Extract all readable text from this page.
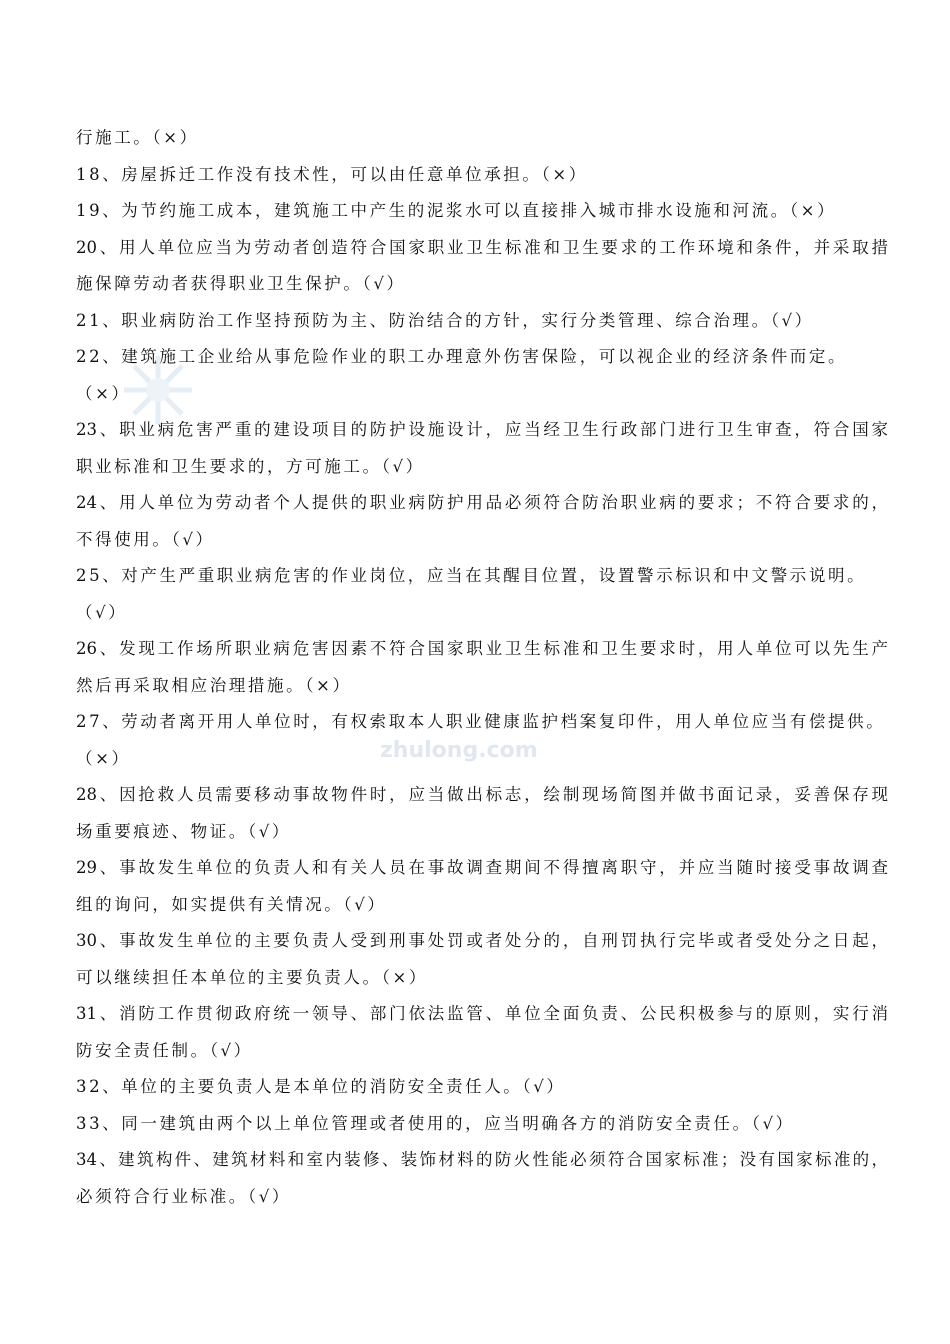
zhulong.com
行施工。（×）
18、房屋拆迁工作没有技术性，可以由任意单位承担。（×）
19、为节约施工成本，建筑施工中产生的泥浆水可以直接排入城市排水设施和河流。（×）
20、用人单位应当为劳动者创造符合国家职业卫生标准和卫生要求的工作环境和条件，并采取措
施保障劳动者获得职业卫生保护。（√）
21、职业病防治工作坚持预防为主、防治结合的方针，实行分类管理、综合治理。（√）
22、建筑施工企业给从事危险作业的职工办理意外伤害保险，可以视企业的经济条件而定。
（×）
23、职业病危害严重的建设项目的防护设施设计，应当经卫生行政部门进行卫生审查，符合国家
职业标准和卫生要求的，方可施工。（√）
24、用人单位为劳动者个人提供的职业病防护用品必须符合防治职业病的要求；不符合要求的，
不得使用。（√）
25、对产生严重职业病危害的作业岗位，应当在其醒目位置，设置警示标识和中文警示说明。
（√）
26、发现工作场所职业病危害因素不符合国家职业卫生标准和卫生要求时，用人单位可以先生产
然后再采取相应治理措施。（×）
27、劳动者离开用人单位时，有权索取本人职业健康监护档案复印件，用人单位应当有偿提供。
（×）
28、因抢救人员需要移动事故物件时，应当做出标志，绘制现场简图并做书面记录，妥善保存现
场重要痕迹、物证。（√）
29、事故发生单位的负责人和有关人员在事故调查期间不得擅离职守，并应当随时接受事故调查
组的询问，如实提供有关情况。（√）
30、事故发生单位的主要负责人受到刑事处罚或者处分的，自刑罚执行完毕或者受处分之日起，
可以继续担任本单位的主要负责人。（×）
31、消防工作贯彻政府统一领导、部门依法监管、单位全面负责、公民积极参与的原则，实行消
防安全责任制。（√）
32、单位的主要负责人是本单位的消防安全责任人。（√）
33、同一建筑由两个以上单位管理或者使用的，应当明确各方的消防安全责任。（√）
34、建筑构件、建筑材料和室内装修、装饰材料的防火性能必须符合国家标准；没有国家标准的，
必须符合行业标准。（√）
